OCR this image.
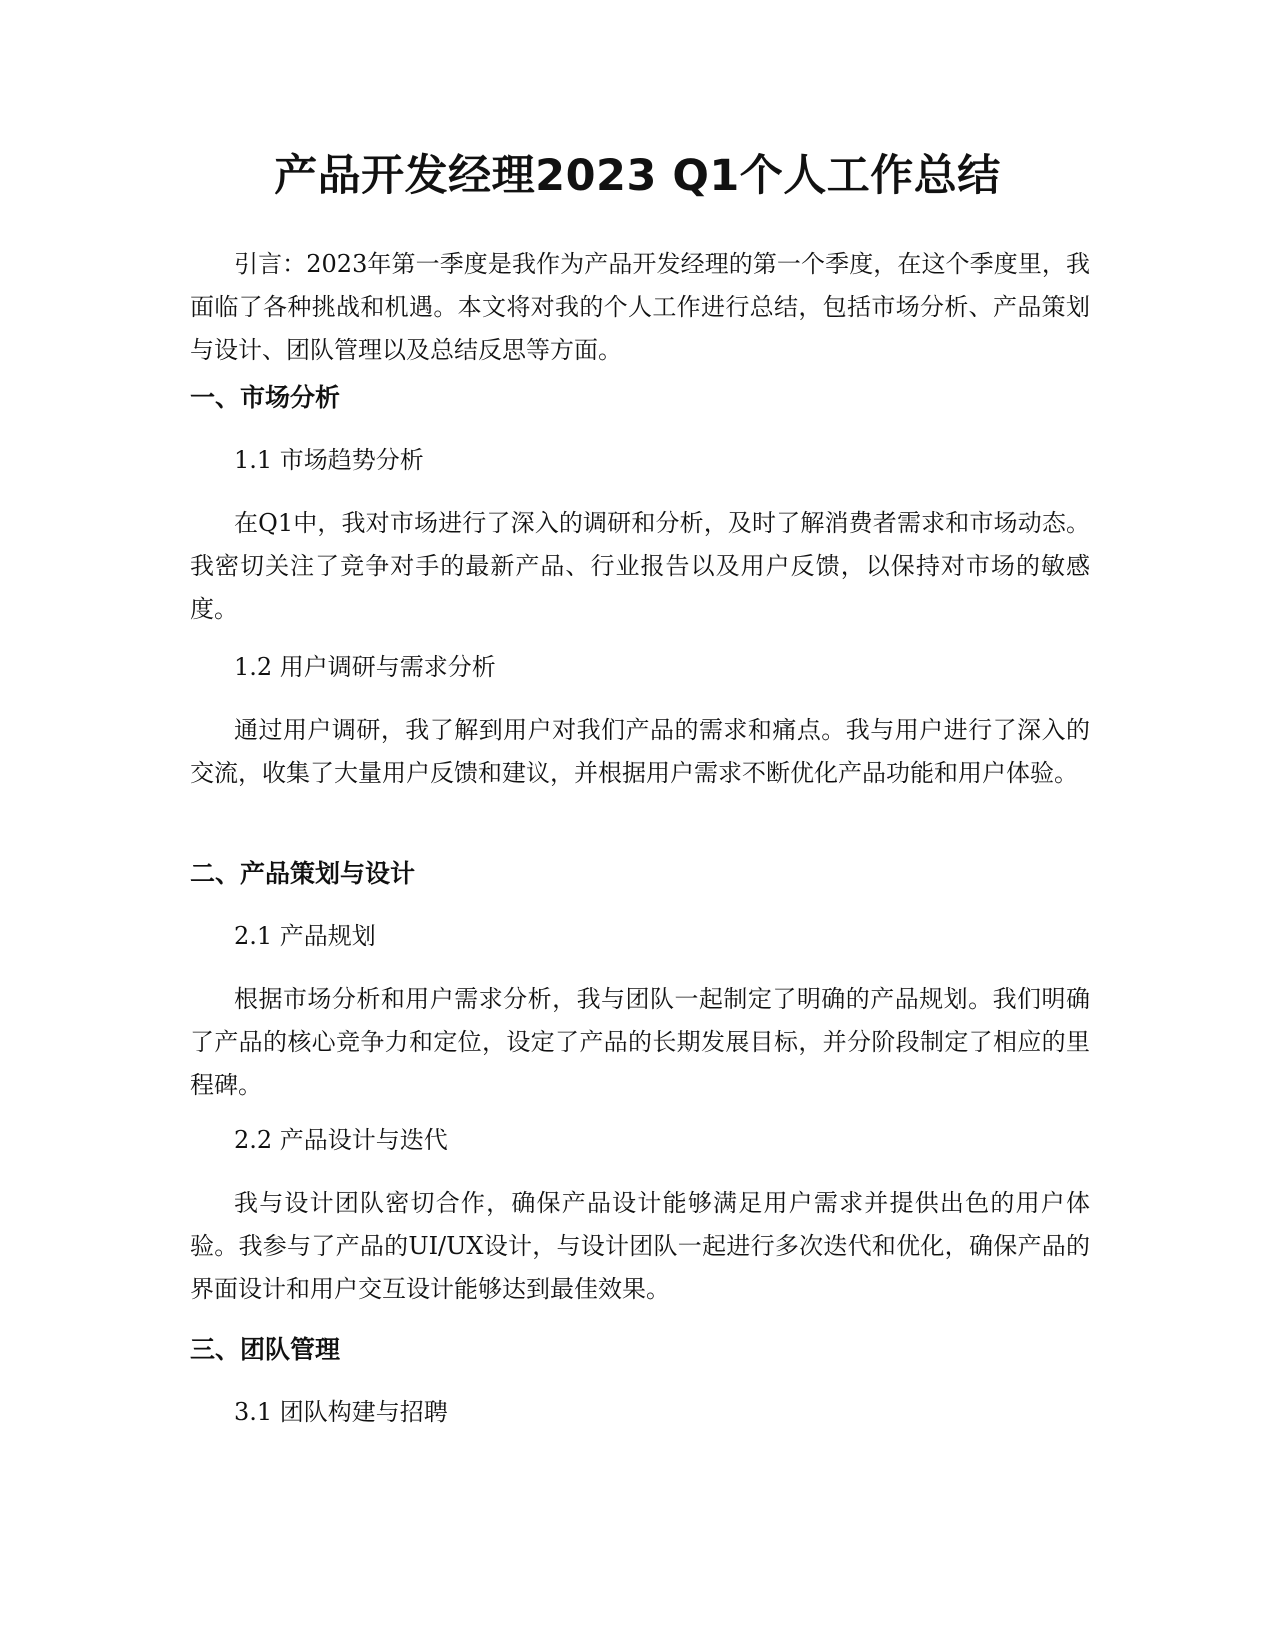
产品开发经理2023 Q1个人工作总结

引言：2023年第一季度是我作为产品开发经理的第一个季度，在这个季度里，我面临了各种挑战和机遇。本文将对我的个人工作进行总结，包括市场分析、产品策划与设计、团队管理以及总结反思等方面。

一、市场分析

1.1 市场趋势分析

在Q1中，我对市场进行了深入的调研和分析，及时了解消费者需求和市场动态。我密切关注了竞争对手的最新产品、行业报告以及用户反馈，以保持对市场的敏感度。

1.2 用户调研与需求分析

通过用户调研，我了解到用户对我们产品的需求和痛点。我与用户进行了深入的交流，收集了大量用户反馈和建议，并根据用户需求不断优化产品功能和用户体验。

二、产品策划与设计

2.1 产品规划

根据市场分析和用户需求分析，我与团队一起制定了明确的产品规划。我们明确了产品的核心竞争力和定位，设定了产品的长期发展目标，并分阶段制定了相应的里程碑。

2.2 产品设计与迭代

我与设计团队密切合作，确保产品设计能够满足用户需求并提供出色的用户体验。我参与了产品的UI/UX设计，与设计团队一起进行多次迭代和优化，确保产品的界面设计和用户交互设计能够达到最佳效果。

三、团队管理

3.1 团队构建与招聘
